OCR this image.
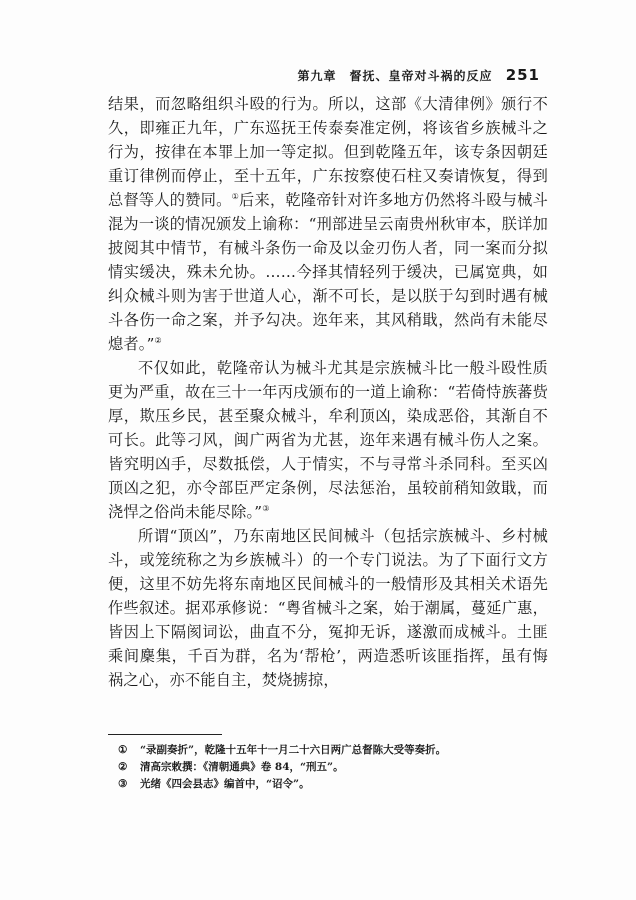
第九章　督抚、皇帝对斗祸的反应 251

结果，而忽略组织斗殴的行为。所以，这部《大清律例》颁行不久，即雍正九年，广东巡抚王传泰奏准定例，将该省乡族械斗之行为，按律在本罪上加一等定拟。但到乾隆五年，该专条因朝廷重订律例而停止，至十五年，广东按察使石柱又奏请恢复，得到总督等人的赞同。①后来，乾隆帝针对许多地方仍然将斗殴与械斗混为一谈的情况颁发上谕称：“刑部进呈云南贵州秋审本，朕详加披阅其中情节，有械斗条伤一命及以金刃伤人者，同一案而分拟情实缓决，殊未允协。……今择其情轻列于缓决，已属宽典，如纠众械斗则为害于世道人心，渐不可长，是以朕于勾到时遇有械斗各伤一命之案，并予勾决。迩年来，其风稍戢，然尚有未能尽熄者。”②

不仅如此，乾隆帝认为械斗尤其是宗族械斗比一般斗殴性质更为严重，故在三十一年丙戌颁布的一道上谕称：“若倚恃族蕃赀厚，欺压乡民，甚至聚众械斗，牟利顶凶，染成恶俗，其渐自不可长。此等刁风，闽广两省为尤甚，迩年来遇有械斗伤人之案。皆究明凶手，尽数抵偿，人于情实，不与寻常斗杀同科。至买凶顶凶之犯，亦令部臣严定条例，尽法惩治，虽较前稍知敛戢，而浇悍之俗尚未能尽除。”③

所谓“顶凶”，乃东南地区民间械斗（包括宗族械斗、乡村械斗，或笼统称之为乡族械斗）的一个专门说法。为了下面行文方便，这里不妨先将东南地区民间械斗的一般情形及其相关术语先作些叙述。据邓承修说：“粤省械斗之案，始于潮属，蔓延广惠，皆因上下隔阂词讼，曲直不分，冤抑无诉，遂激而成械斗。土匪乘间麇集，千百为群，名为‘帮枪’，两造悉听该匪指挥，虽有悔祸之心，亦不能自主，焚烧掳掠，

① “录副奏折”，乾隆十五年十一月二十六日两广总督陈大受等奏折。
② 清高宗敕撰：《清朝通典》卷 84，“刑五”。
③ 光绪《四会县志》编首中，“诏令”。
